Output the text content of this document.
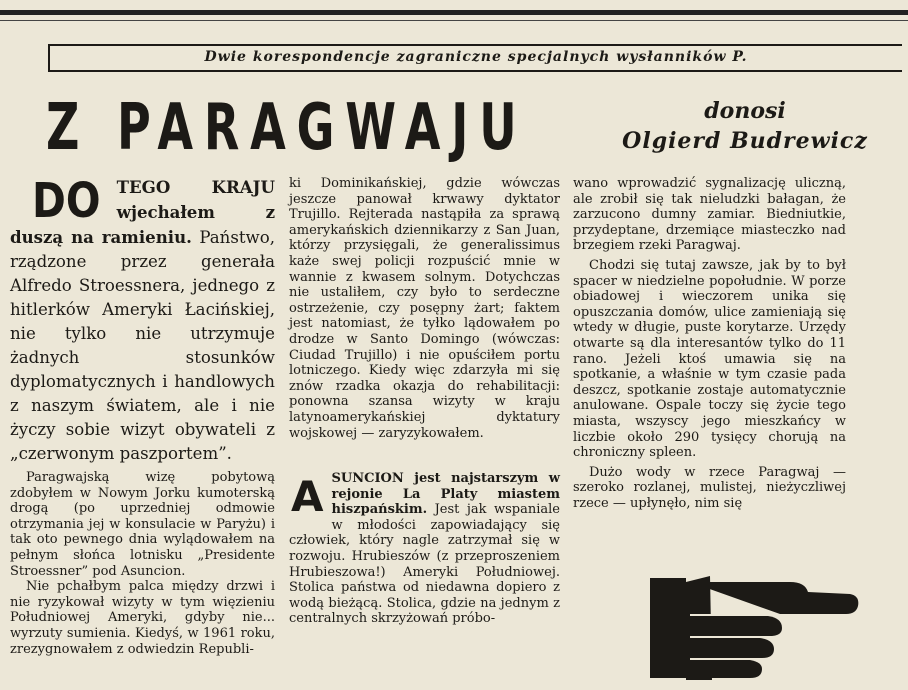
Dwie korespondencje zagraniczne specjalnych wysłanników P.
Z PARAGWAJU	donosi
Olgierd Budrewicz
DO TEGO KRAJU wjechałem z duszą na ramieniu. Państwo, rządzone przez generała Alfredo Stroessnera, jednego z hitlerków Ameryki Łacińskiej, nie tylko nie utrzymuje żadnych stosunków dyplomatycznych i handlowych z naszym światem, ale i nie życzy sobie wizyt obywateli z „czerwonym paszportem”.

Paragwajską wizę pobytową zdobyłem w Nowym Jorku kumoterską drogą (po uprzedniej odmowie otrzymania jej w konsulacie w Paryżu) i tak oto pewnego dnia wylądowałem na pełnym słońca lotnisku „Presidente Stroessner” pod Asuncion.

Nie pchałbym palca między drzwi i nie ryzykował wizyty w tym więzieniu Południowej Ameryki, gdyby nie... wyrzuty sumienia. Kiedyś, w 1961 roku, zrezygnowałem z odwiedzin Republi-

ki Dominikańskiej, gdzie wówczas jeszcze panował krwawy dyktator Trujillo. Rejterada nastąpiła za sprawą amerykańskich dziennikarzy z San Juan, którzy przysięgali, że generalissimus każe swej policji rozpuścić mnie w wannie z kwasem solnym. Dotychczas nie ustaliłem, czy było to serdeczne ostrzeżenie, czy posępny żart; faktem jest natomiast, że tyłko lądowałem po drodze w Santo Domingo (wówczas: Ciudad Trujillo) i nie opuściłem portu lotniczego. Kiedy więc zdarzyła mi się znów rzadka okazja do rehabilitacji: ponowna szansa wizyty w kraju latynoamerykańskiej dyktatury wojskowej — zaryzykowałem.

ASUNCION jest najstarszym w rejonie La Platy miastem hiszpańskim. Jest jak wspaniale w młodości zapowiadający się człowiek, który nagle zatrzymał się w rozwoju. Hrubieszów (z przeproszeniem Hrubieszowa!) Ameryki Południowej. Stolica państwa od niedawna dopiero z wodą bieżącą. Stolica, gdzie na jednym z centralnych skrzyżowań próbo-

wano wprowadzić sygnalizację uliczną, ale zrobił się tak nieludzki bałagan, że zarzucono dumny zamiar. Biedniutkie, przydeptane, drzemiące miasteczko nad brzegiem rzeki Paragwaj.

Chodzi się tutaj zawsze, jak by to był spacer w niedzielne popołudnie. W porze obiadowej i wieczorem unika się opuszczania domów, ulice zamieniają się wtedy w długie, puste korytarze. Urzędy otwarte są dla interesantów tylko do 11 rano. Jeżeli ktoś umawia się na spotkanie, a właśnie w tym czasie pada deszcz, spotkanie zostaje automatycznie anulowane. Ospale toczy się życie tego miasta, wszyscy jego mieszkańcy w liczbie około 290 tysięcy chorują na chroniczny spleen.

Dużo wody w rzece Paragwaj — szeroko rozlanej, mulistej, nieżyczliwej rzece — upłynęło, nim się
